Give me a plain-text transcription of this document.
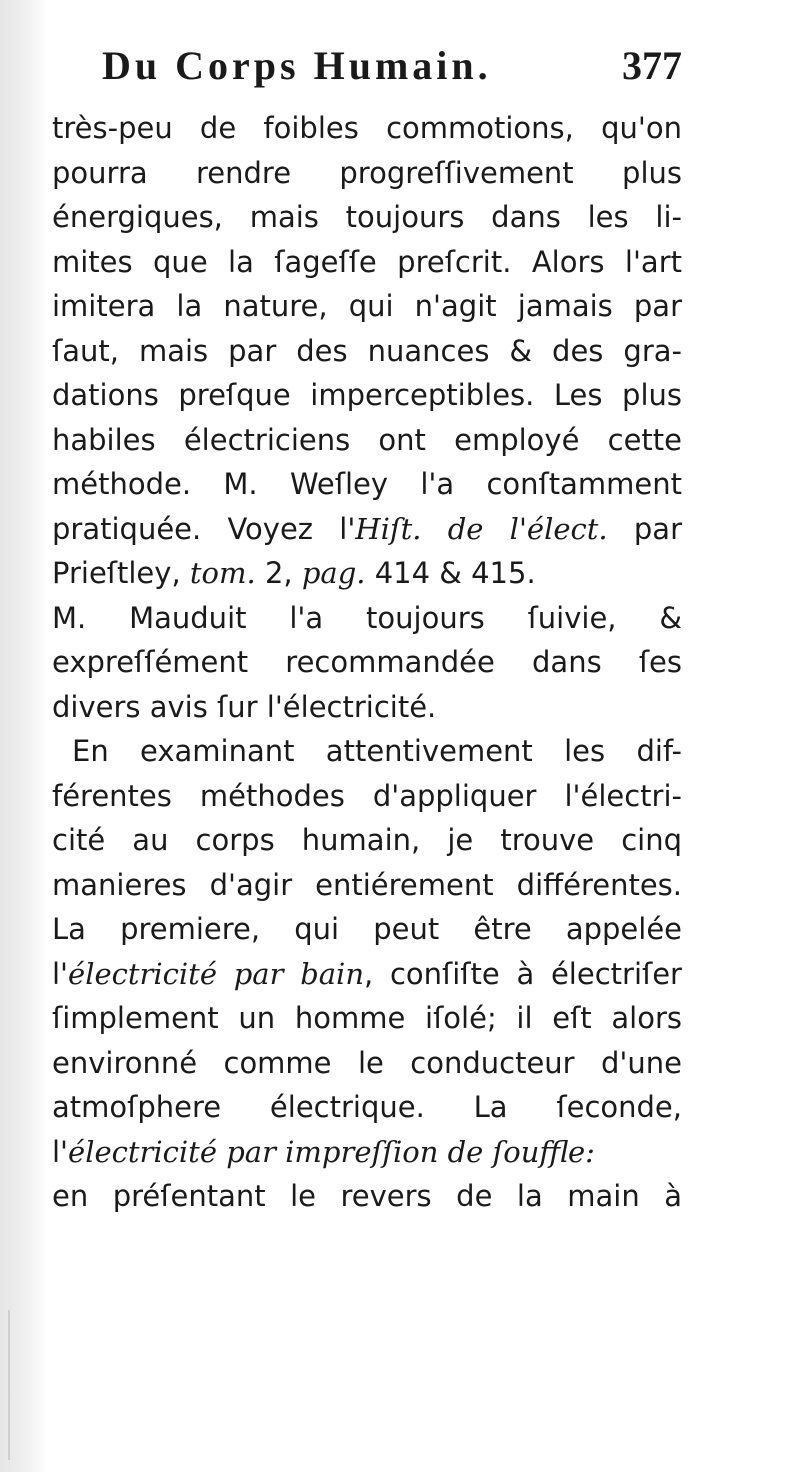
Du Corps Humain.	377
très-peu de foibles commotions, qu'on
pourra rendre progreſſivement plus
énergiques, mais toujours dans les li-
mites que la ſageſſe preſcrit. Alors l'art
imitera la nature, qui n'agit jamais par
ſaut, mais par des nuances & des gra-
dations preſque imperceptibles. Les plus
habiles électriciens ont employé cette
méthode. M. Weſley l'a conſtamment
pratiquée. Voyez l'Hiſt. de l'élect. par
Prieſtley, tom. 2, pag. 414 & 415.
M. Mauduit l'a toujours ſuivie, &
expreſſément recommandée dans ſes
divers avis ſur l'électricité.
En examinant attentivement les dif-
férentes méthodes d'appliquer l'électri-
cité au corps humain, je trouve cinq
manieres d'agir entiérement différentes.
La premiere, qui peut être appelée
l'électricité par bain, conſiſte à électriſer
ſimplement un homme iſolé; il eſt alors
environné comme le conducteur d'une
atmoſphere électrique. La ſeconde,
l'électricité par impreſſion de ſouffle:
en préſentant le revers de la main à
